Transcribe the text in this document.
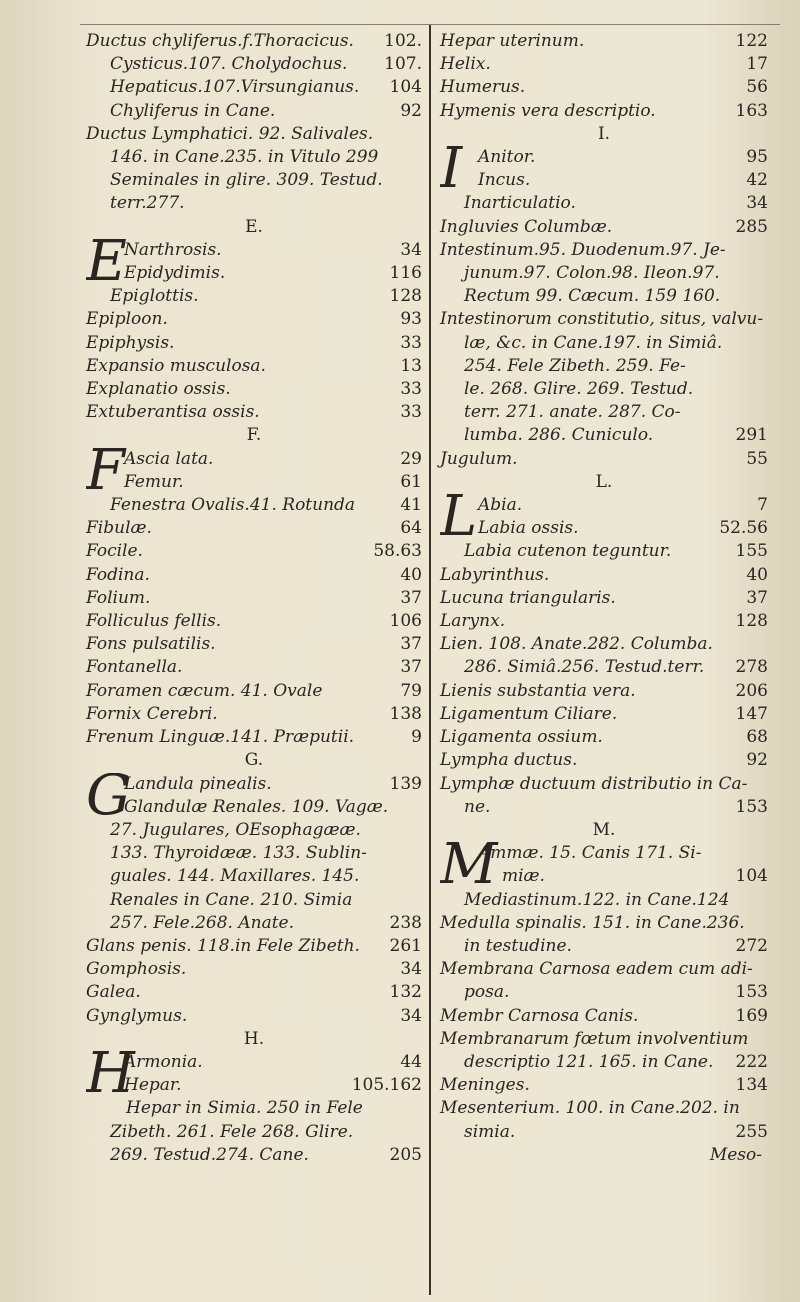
Ductus chyliferus.f.Thoracicus. 102.
Cysticus.107. Cholydochus. 107.
Hepaticus.107.Virsungianus. 104
Chyliferus in Cane.	92
Ductus Lymphatici. 92. Salivales.
146. in Cane.235. in Vitulo 299
Seminales in glire. 309. Testud.
terr.277.
E.
E
Narthrosis.	34
Epidydimis.	116
Epiglottis.	128
Epiploon.	93
Epiphysis.	33
Expansio musculosa.	13
Explanatio ossis.	33
Extuberantisa ossis.	33
F.
F Ascia lata.	29
Femur.	61
Fenestra Ovalis.41. Rotunda	41
Fibulæ.	64
Focile.	58.63
Fodina.	40
Folium.	37
Folliculus fellis.	106
Fons pulsatilis.	37
Fontanella.	37
Foramen cæcum. 41. Ovale	79
Fornix Cerebri.	138
Frenum Linguæ.141. Præputii.	9
G.
G
Landula pinealis.	139
Glandulæ Renales. 109. Vagæ.
27. Jugulares, OEsophagææ.
133. Thyroidææ. 133. Sublin-
guales. 144. Maxillares. 145.
Renales in Cane. 210. Simia
257. Fele.268. Anate.	238
Glans penis. 118.in Fele Zibeth. 261
Gomphosis.	34
Galea.	132
Gynglymus.	34
H.
H
Armonia.	44
Hepar.	105.162
Hepar in Simia. 250 in Fele
Zibeth. 261. Fele 268. Glire.
269. Testud.274. Cane.	205
Hepar uterinum.	122
Helix.	17
Humerus.	56
Hymenis vera descriptio.	163
I.
I Anitor.	95
Incus.	42
Inarticulatio.	34
Ingluvies Columbæ.	285
Intestinum.95. Duodenum.97. Je-
junum.97. Colon.98. Ileon.97.
Rectum 99. Cæcum. 159 160.
Intestinorum constitutio, situs, valvu-
læ, &c. in Cane.197. in Simiâ.
254. Fele Zibeth. 259. Fe-
le. 268. Glire. 269. Testud.
terr. 271. anate. 287. Co-
lumba. 286. Cuniculo.	291
Jugulum.	55
L.
L Abia.	7
Labia ossis.	52.56
Labia cutenon teguntur.	155
Labyrinthus.	40
Lucuna triangularis.	37
Larynx.	128
Lien. 108. Anate.282. Columba.
286. Simiâ.256. Testud.terr. 278
Lienis substantia vera.	206
Ligamentum Ciliare.	147
Ligamenta ossium.	68
Lympha ductus.	92
Lymphæ ductuum distributio in Ca-
ne.	153
M.
M
Ammæ. 15. Canis 171. Si-
miæ.	104
Mediastinum.122. in Cane.124
Medulla spinalis. 151. in Cane.236.
in testudine.	272
Membrana Carnosa eadem cum adi-
posa.	153
Membr Carnosa Canis.	169
Membranarum fœtum involventium
descriptio 121. 165. in Cane. 222
Meninges.	134
Mesenterium. 100. in Cane.202. in
simia.	255
Meso-
